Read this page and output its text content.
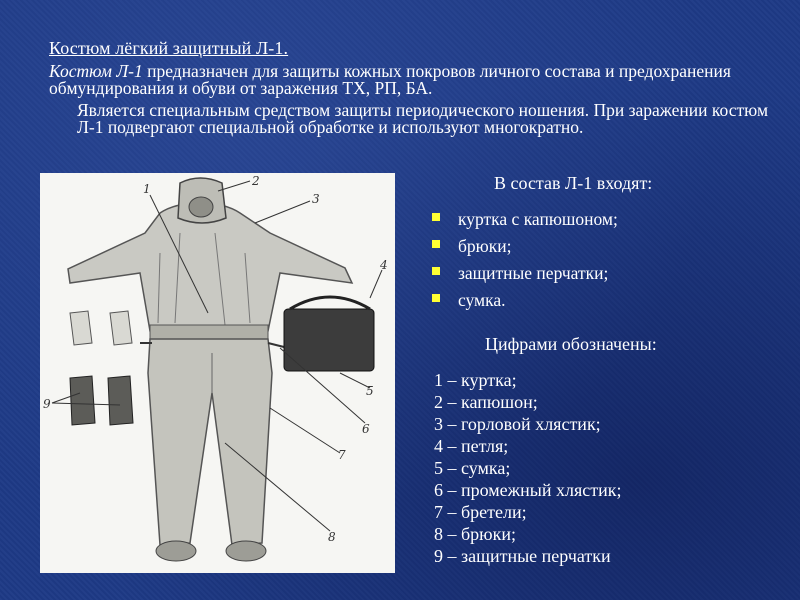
Костюм лёгкий защитный Л-1.

Костюм Л-1 предназначен для защиты кожных покровов личного состава и предохранения обмундирования и обуви от заражения ТХ, РП, БА.

Является специальным средством защиты периодического ношения. При заражении костюм Л-1 подвергают специальной обработке и используют многократно.

1
2
3
4
5
6
7
8
9
В состав Л-1 входят:
куртка с капюшоном;
брюки;
защитные перчатки;
сумка.
Цифрами обозначены:
1 – куртка;
2 – капюшон;
3 – горловой хлястик;
4 – петля;
5 – сумка;
6 – промежный хлястик;
7 – бретели;
8 – брюки;
9 – защитные перчатки
